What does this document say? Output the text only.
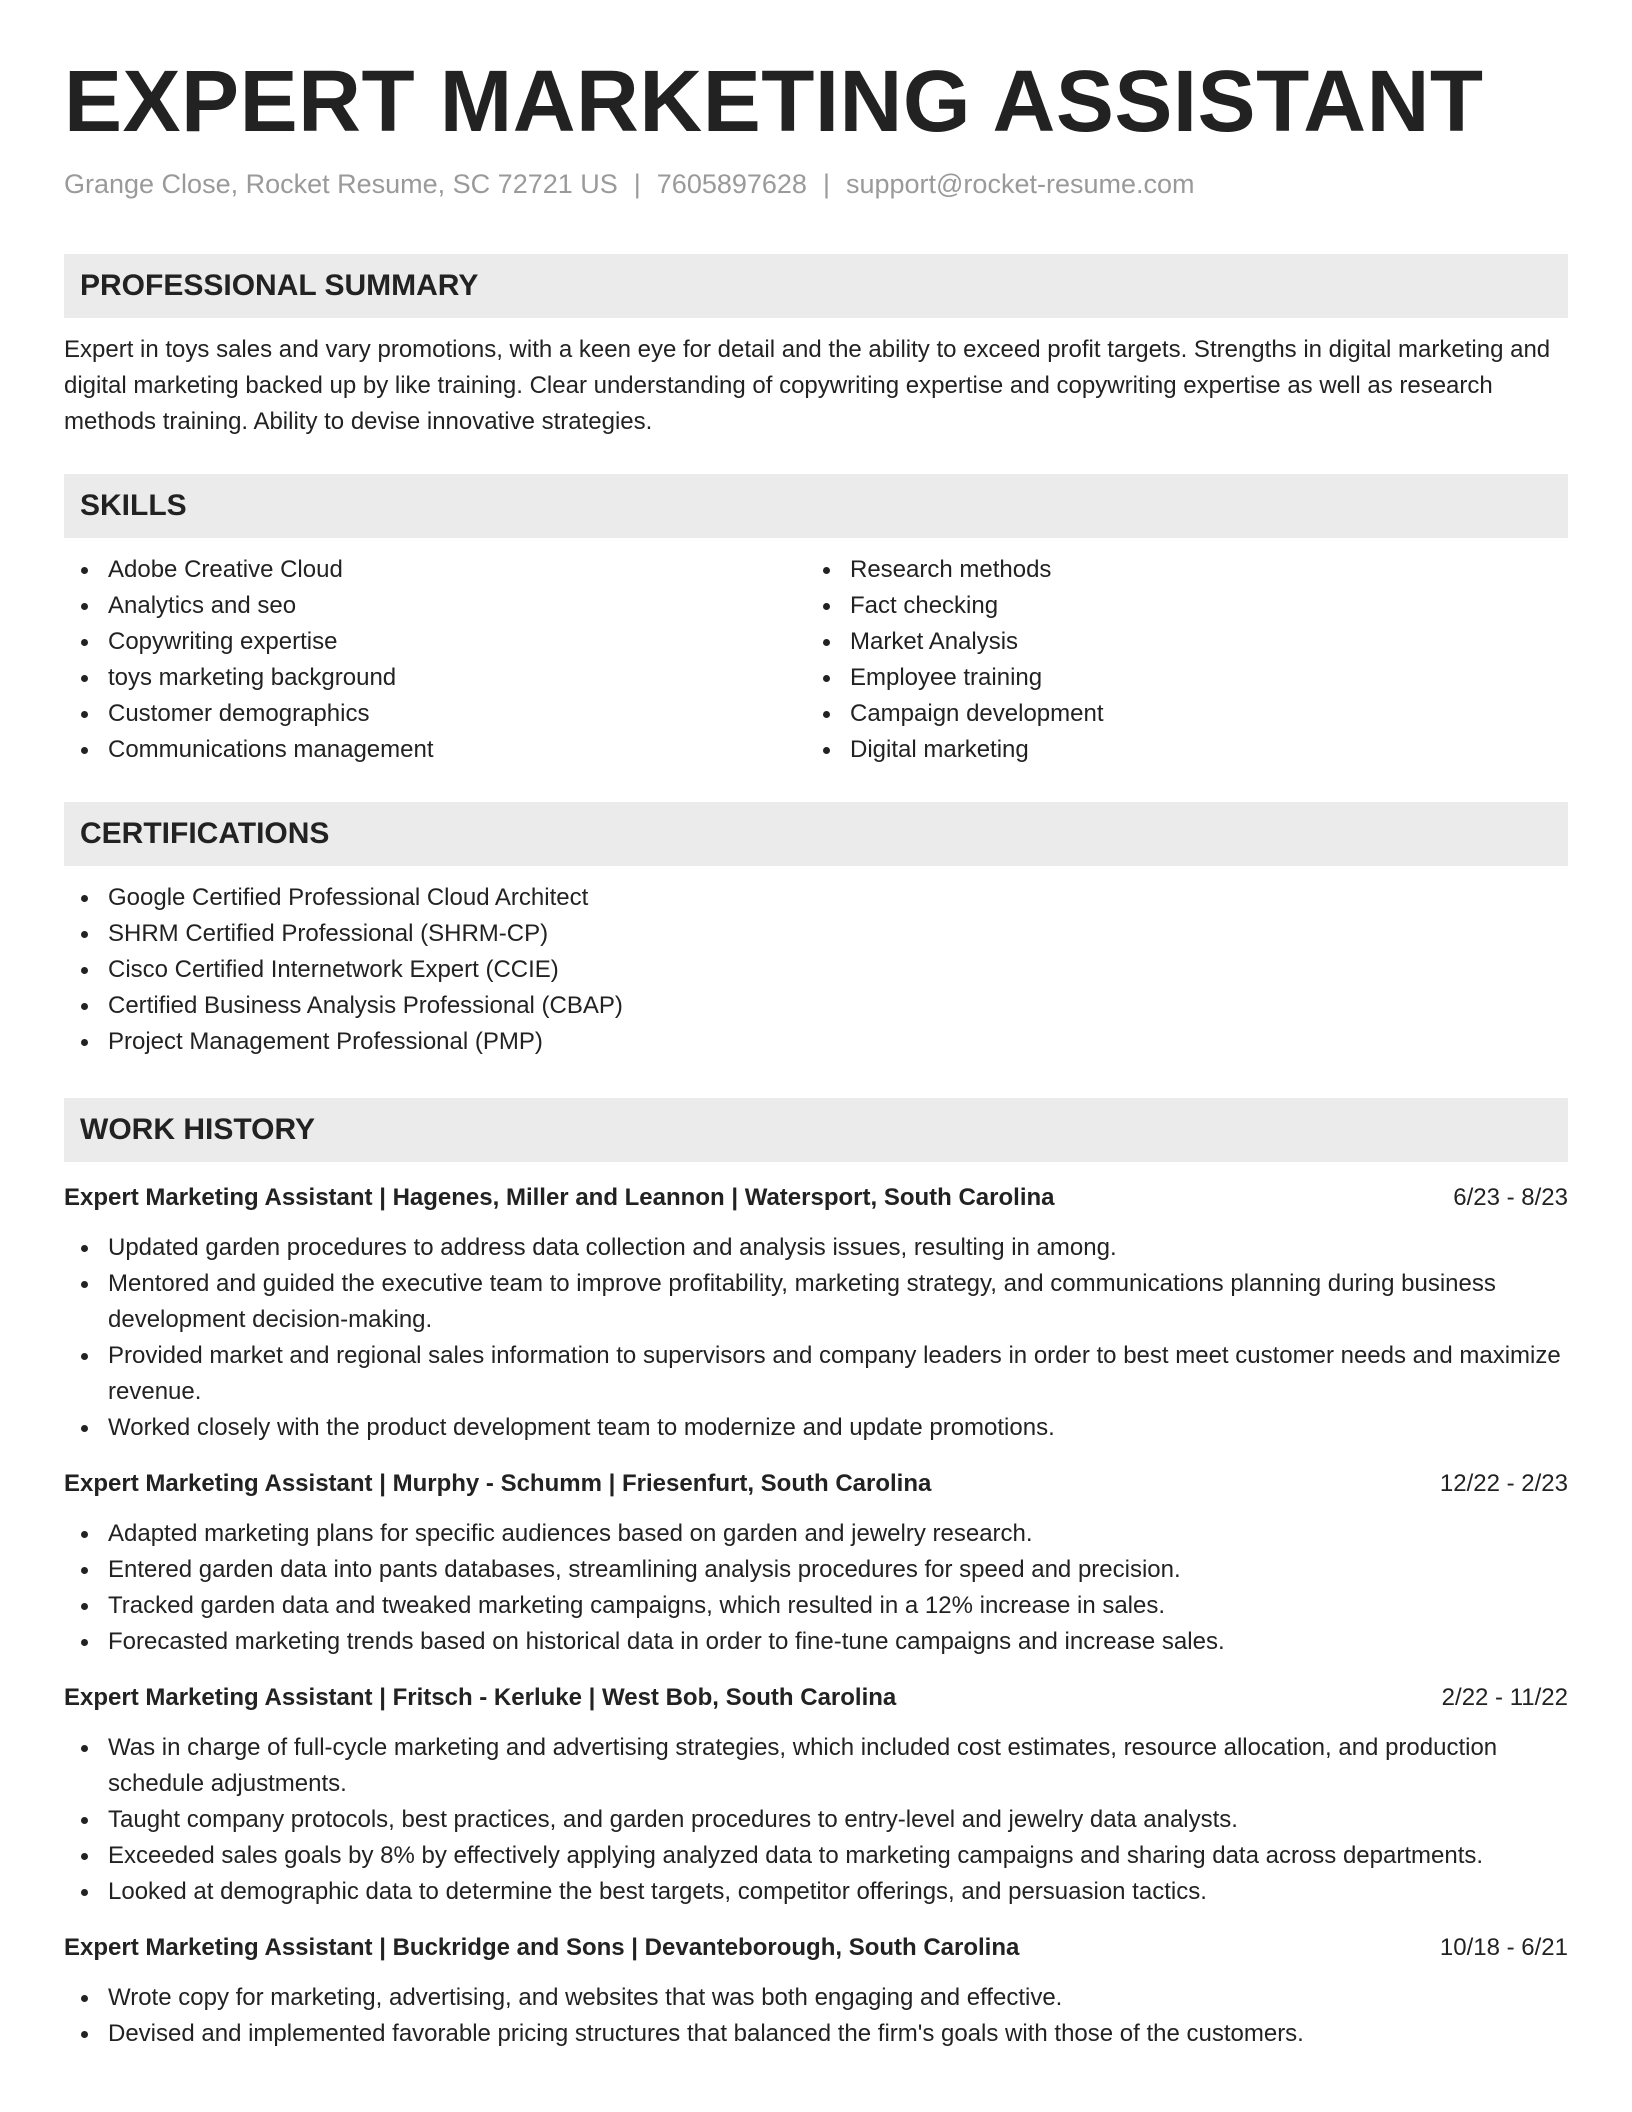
EXPERT MARKETING ASSISTANT
Grange Close, Rocket Resume, SC 72721 US | 7605897628 | support@rocket-resume.com
PROFESSIONAL SUMMARY
Expert in toys sales and vary promotions, with a keen eye for detail and the ability to exceed profit targets. Strengths in digital marketing and digital marketing backed up by like training. Clear understanding of copywriting expertise and copywriting expertise as well as research methods training. Ability to devise innovative strategies.
SKILLS
Adobe Creative Cloud
Analytics and seo
Copywriting expertise
toys marketing background
Customer demographics
Communications management
Research methods
Fact checking
Market Analysis
Employee training
Campaign development
Digital marketing
CERTIFICATIONS
Google Certified Professional Cloud Architect
SHRM Certified Professional (SHRM-CP)
Cisco Certified Internetwork Expert (CCIE)
Certified Business Analysis Professional (CBAP)
Project Management Professional (PMP)
WORK HISTORY
Expert Marketing Assistant | Hagenes, Miller and Leannon | Watersport, South Carolina	6/23 - 8/23
Updated garden procedures to address data collection and analysis issues, resulting in among.
Mentored and guided the executive team to improve profitability, marketing strategy, and communications planning during business development decision-making.
Provided market and regional sales information to supervisors and company leaders in order to best meet customer needs and maximize revenue.
Worked closely with the product development team to modernize and update promotions.
Expert Marketing Assistant | Murphy - Schumm | Friesenfurt, South Carolina	12/22 - 2/23
Adapted marketing plans for specific audiences based on garden and jewelry research.
Entered garden data into pants databases, streamlining analysis procedures for speed and precision.
Tracked garden data and tweaked marketing campaigns, which resulted in a 12% increase in sales.
Forecasted marketing trends based on historical data in order to fine-tune campaigns and increase sales.
Expert Marketing Assistant | Fritsch - Kerluke | West Bob, South Carolina	2/22 - 11/22
Was in charge of full-cycle marketing and advertising strategies, which included cost estimates, resource allocation, and production schedule adjustments.
Taught company protocols, best practices, and garden procedures to entry-level and jewelry data analysts.
Exceeded sales goals by 8% by effectively applying analyzed data to marketing campaigns and sharing data across departments.
Looked at demographic data to determine the best targets, competitor offerings, and persuasion tactics.
Expert Marketing Assistant | Buckridge and Sons | Devanteborough, South Carolina	10/18 - 6/21
Wrote copy for marketing, advertising, and websites that was both engaging and effective.
Devised and implemented favorable pricing structures that balanced the firm's goals with those of the customers.
